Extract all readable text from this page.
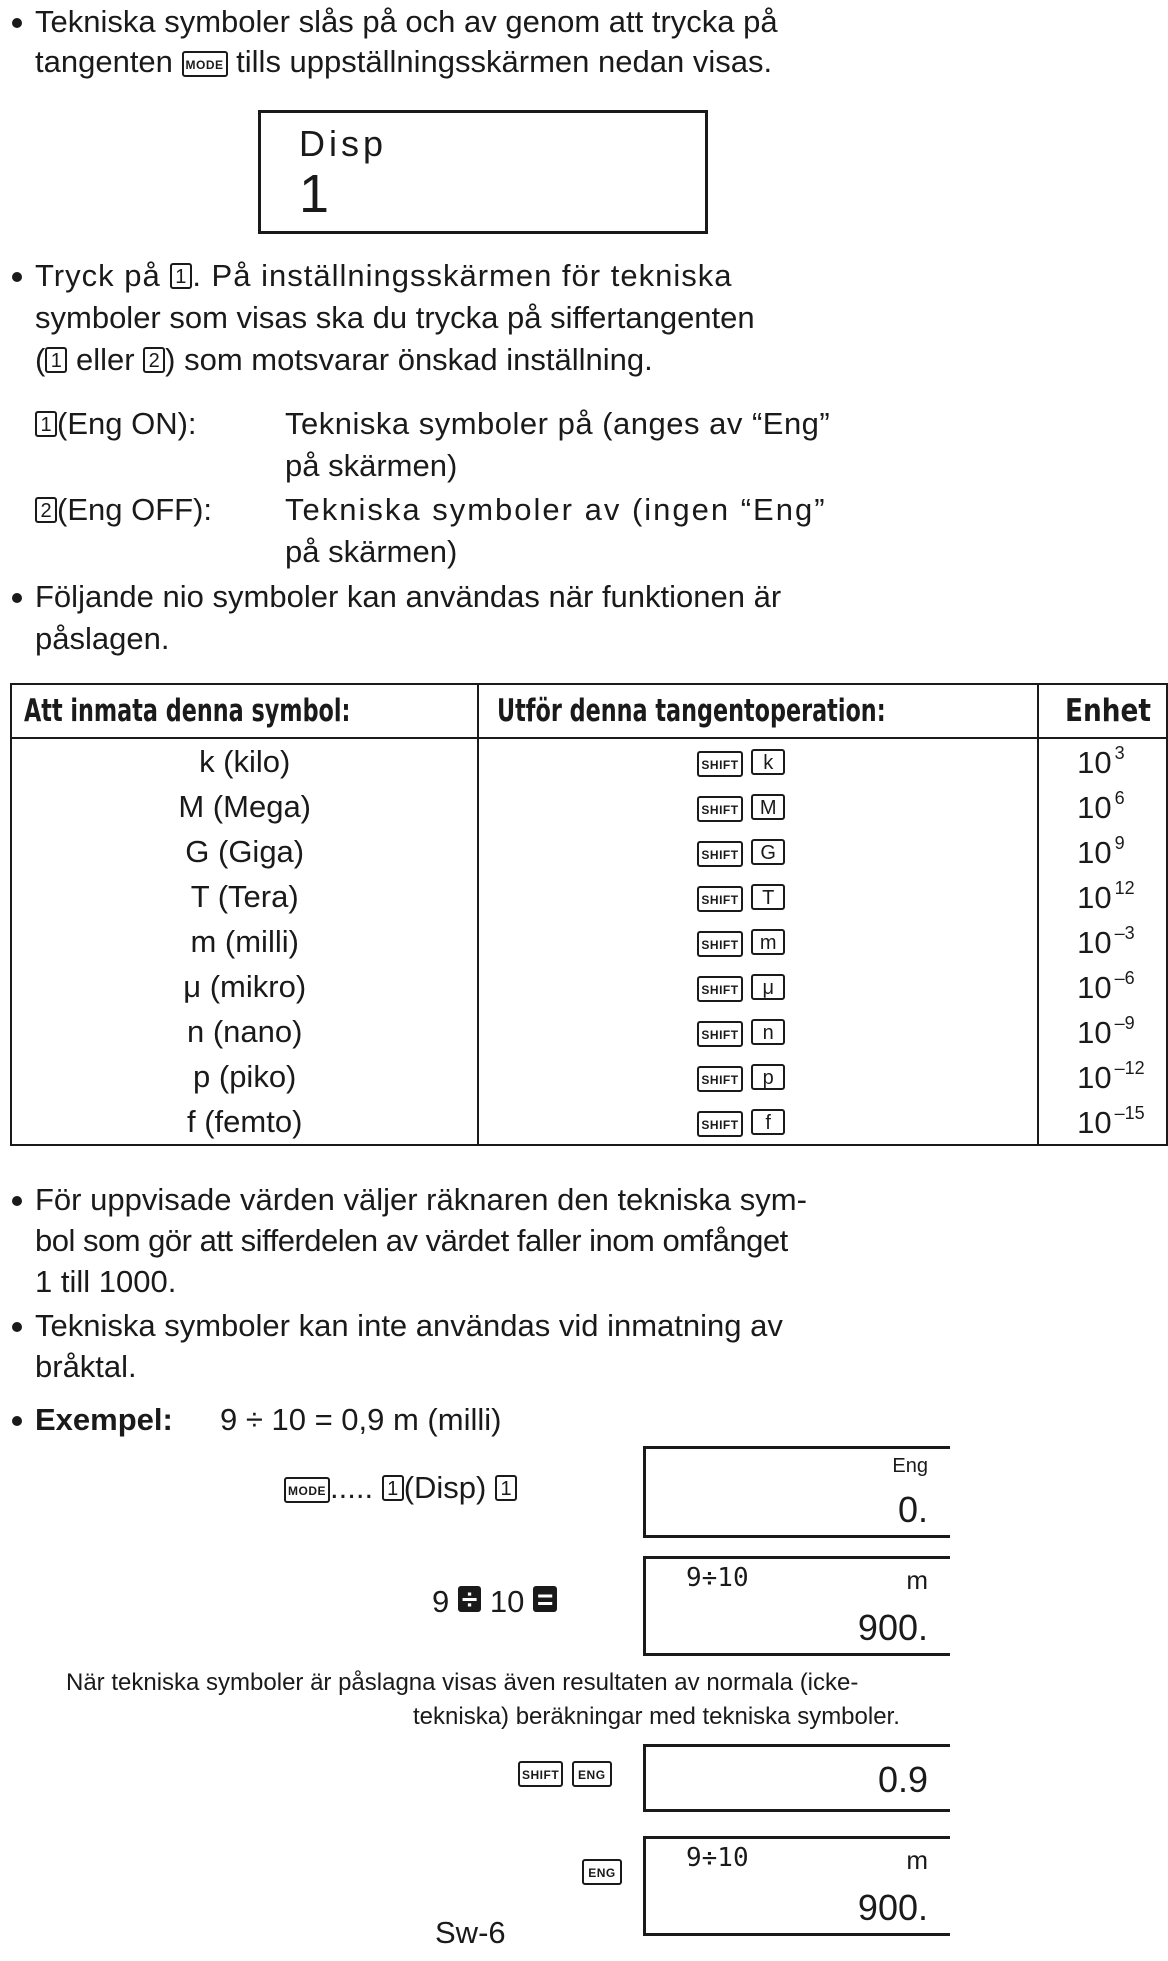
Tekniska symboler slås på och av genom att trycka på
tangenten MODE tills uppställningsskärmen nedan visas.
Disp
1
Tryck på 1 . På inställningsskärmen för tekniska
symboler som visas ska du trycka på siffertangenten
( 1 eller 2 ) som motsvarar önskad inställning.
1 (Eng ON):	Tekniska symboler på (anges av “Eng”
på skärmen)
2 (Eng OFF): Tekniska symboler av (ingen “Eng”
på skärmen)
Följande nio symboler kan användas när funktionen är
påslagen.
Att inmata denna symbol:	Utför denna tangentoperation:	Enhet

k (kilo)	SHIFT k	10 $^3$
M (Mega)	SHIFT M	10 $^6$
G (Giga)	SHIFT G	10 $^9$
T (Tera)	SHIFT T	10 $^{12}$
m (milli)	SHIFT m	10 $^{-3}$
μ (mikro)	SHIFT μ	10 $^{-6}$
n (nano)	SHIFT n	10 $^{-9}$
p (piko)	SHIFT p	10 $^{-12}$
f (femto)	SHIFT f	10 $^{-15}$
För uppvisade värden väljer räknaren den tekniska sym-
bol som gör att sifferdelen av värdet faller inom omfånget
1 till 1000.
Tekniska symboler kan inte användas vid inmatning av
bråktal.
Exempel: 9 ÷ 10 = 0,9 m (milli)
MODE ..... 1 (Disp) 1
Eng
0.
9 ÷ 10 =
9÷10	m
900.
När tekniska symboler är påslagna visas även resultaten av normala (icke-
tekniska) beräkningar med tekniska symboler.
SHIFT ENG	0.9
ENG	9÷10	m
900.
Sw-6
